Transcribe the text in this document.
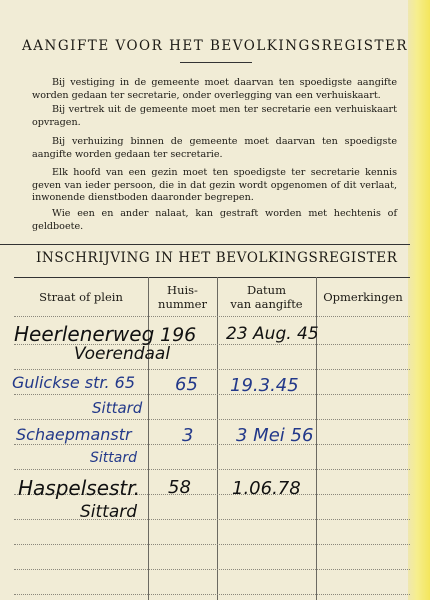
AANGIFTE VOOR HET BEVOLKINGSREGISTER
Bij vestiging in de gemeente moet daarvan ten spoedigste aangifte worden gedaan ter secretarie, onder overlegging van een verhuiskaart.
Bij vertrek uit de gemeente moet men ter secretarie een verhuiskaart opvragen.
Bij verhuizing binnen de gemeente moet daarvan ten spoedigste aangifte worden gedaan ter secretarie.
Elk hoofd van een gezin moet ten spoedigste ter secretarie kennis geven van ieder persoon, die in dat gezin wordt opgenomen of dit verlaat, inwonende dienstboden daaronder begrepen.
Wie een en ander nalaat, kan gestraft worden met hechtenis of geldboete.
INSCHRIJVING IN HET BEVOLKINGSREGISTER
Straat of plein	Huis-
nummer
Datum
van aangifte	Opmerkingen
Heerlenerweg
Voerendaal
196 23 Aug. 45
Gulickse str. 65
Sittard
65 19.3.45
Schaepmanstr
Sittard
3 3 Mei 56
Haspelsestr.
Sittard
58 1.06.78
